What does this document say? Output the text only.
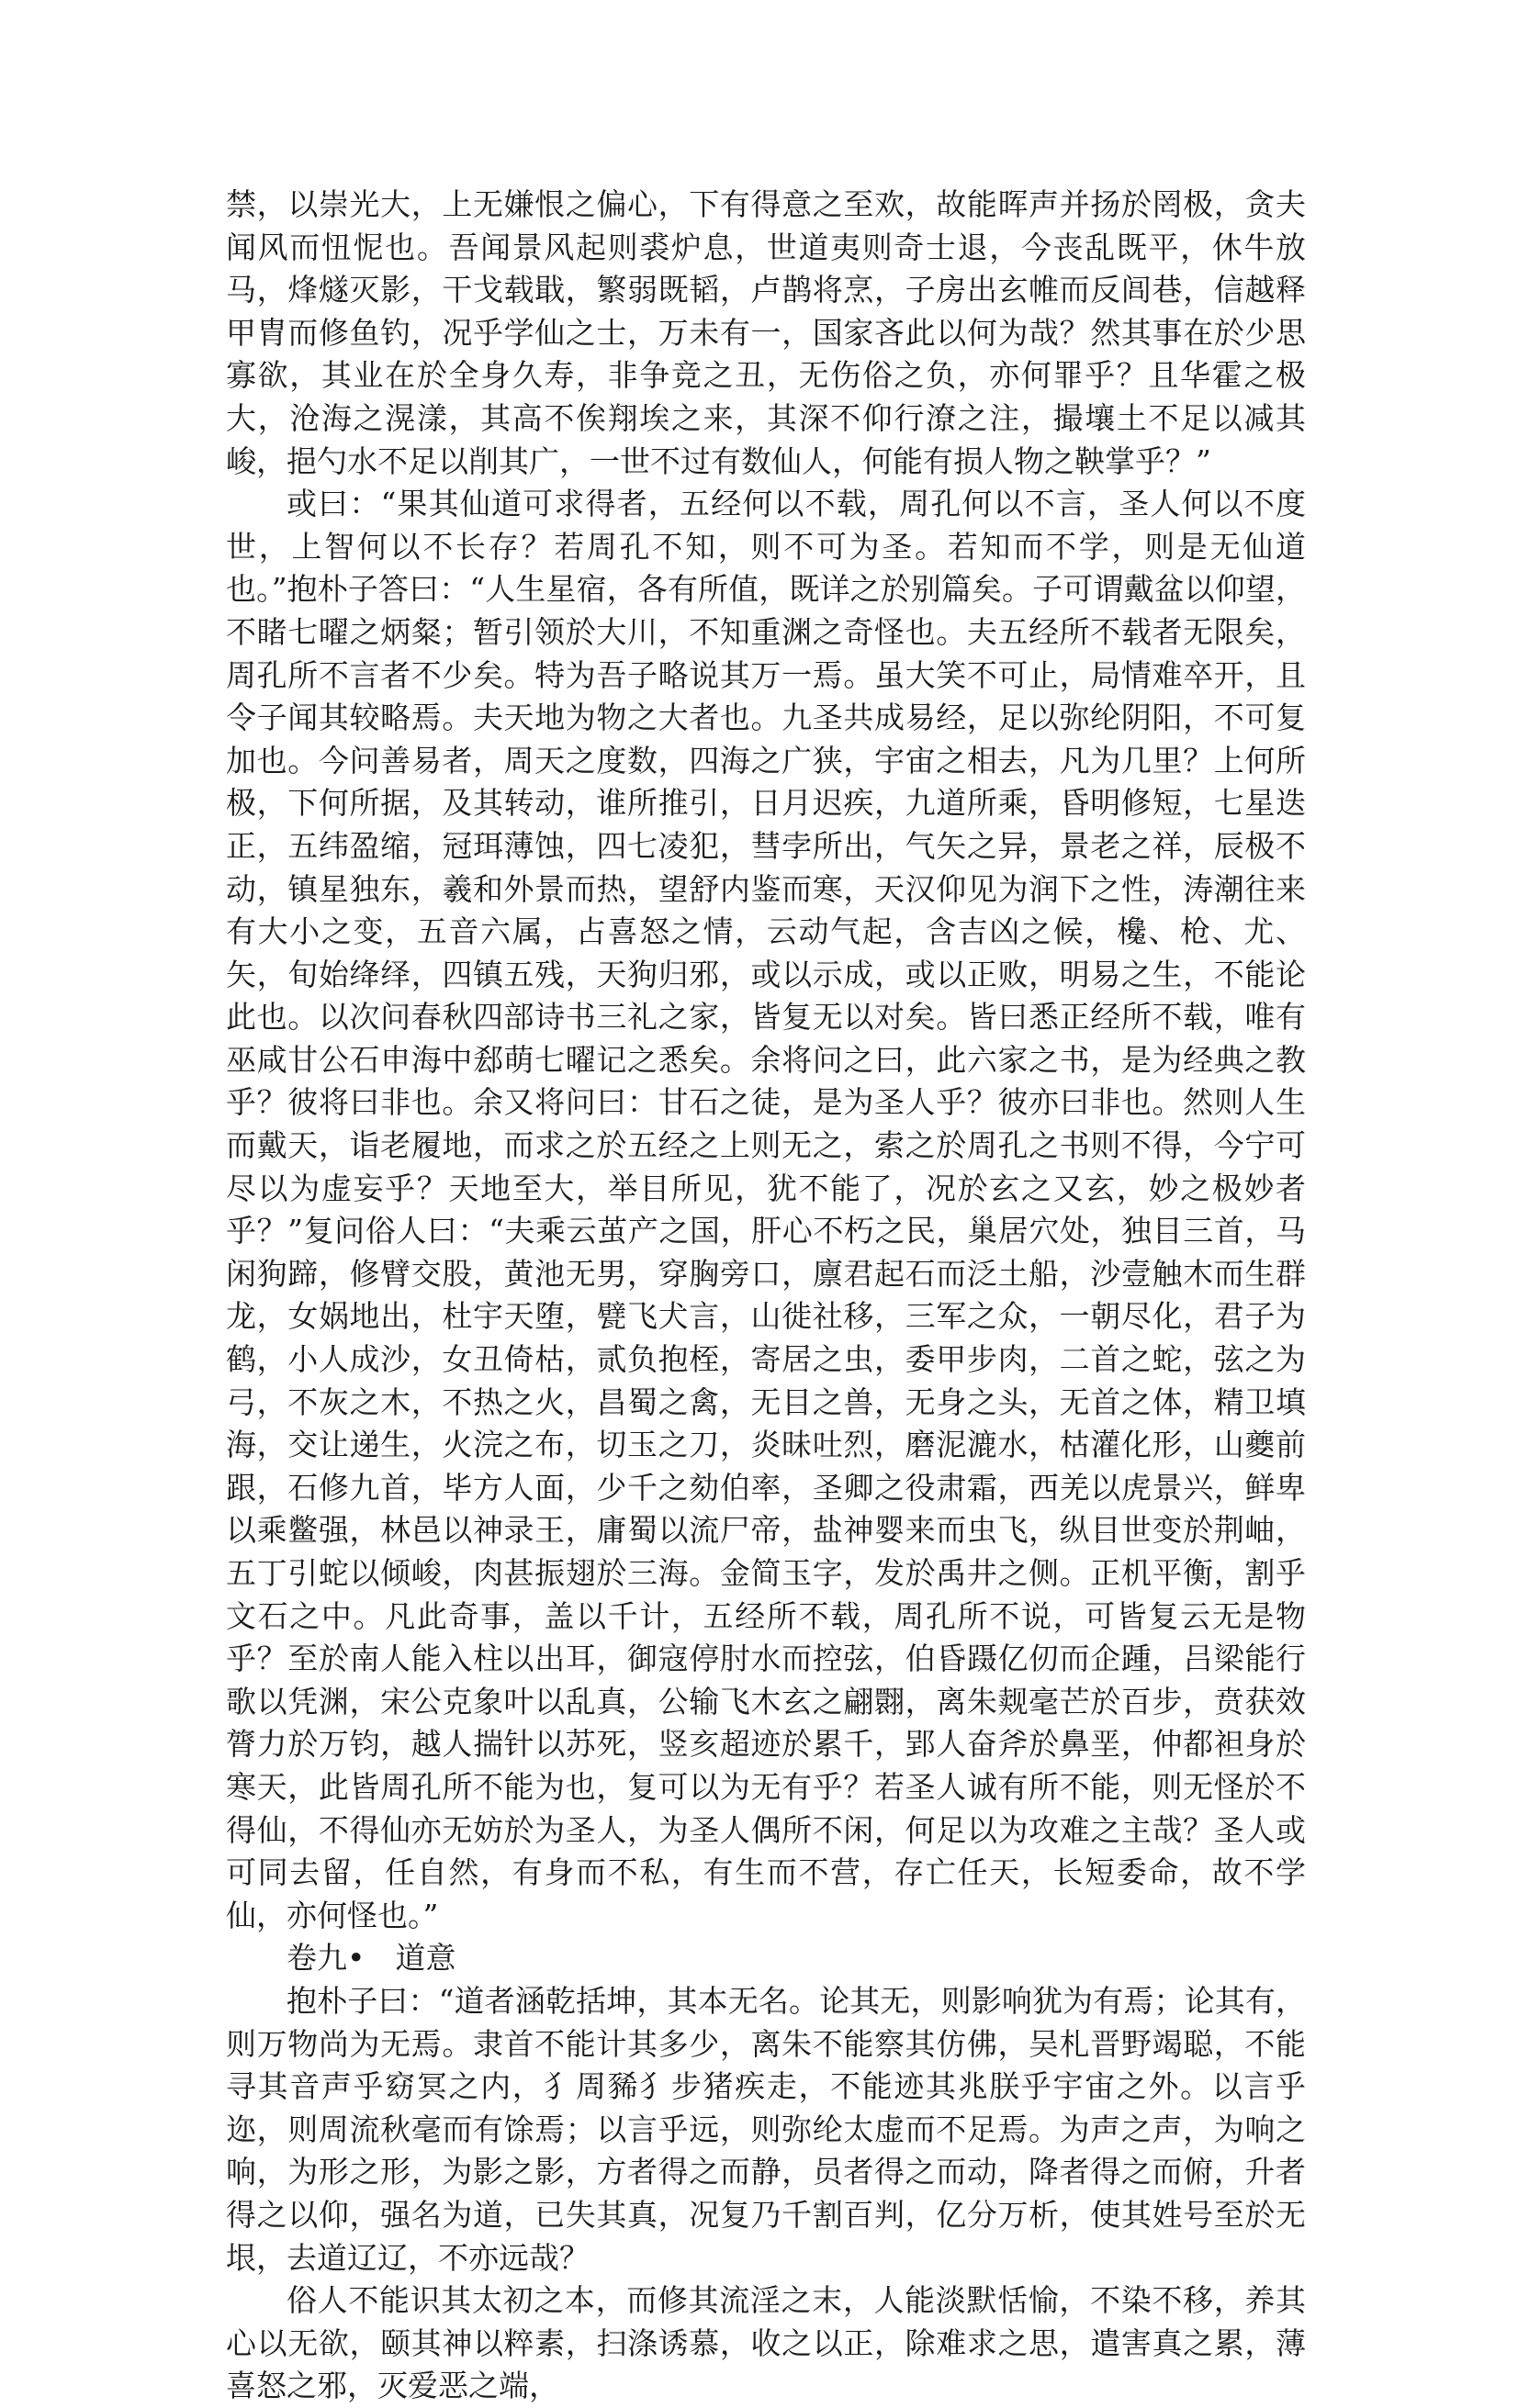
禁，以崇光大，上无嫌恨之偏心，下有得意之至欢，故能晖声并扬於罔极，贪夫闻风而忸怩也。吾闻景风起则裘炉息，世道夷则奇士退，今丧乱既平，休牛放马，烽燧灭影，干戈载戢，繁弱既韬，卢鹊将烹，子房出玄帷而反闾巷，信越释甲胄而修鱼钓，况乎学仙之士，万未有一，国家吝此以何为哉？然其事在於少思寡欲，其业在於全身久寿，非争竞之丑，无伤俗之负，亦何罪乎？且华霍之极大，沧海之滉漾，其高不俟翔埃之来，其深不仰行潦之注，撮壤土不足以减其峻，挹勺水不足以削其广，一世不过有数仙人，何能有损人物之鞅掌乎？”

或曰：“果其仙道可求得者，五经何以不载，周孔何以不言，圣人何以不度世，上智何以不长存？若周孔不知，则不可为圣。若知而不学，则是无仙道也。”抱朴子答曰：“人生星宿，各有所值，既详之於别篇矣。子可谓戴盆以仰望，不睹七曜之炳粲；暂引领於大川，不知重渊之奇怪也。夫五经所不载者无限矣，周孔所不言者不少矣。特为吾子略说其万一焉。虽大笑不可止，局情难卒开，且令子闻其较略焉。夫天地为物之大者也。九圣共成易经，足以弥纶阴阳，不可复加也。今问善易者，周天之度数，四海之广狭，宇宙之相去，凡为几里？上何所极，下何所据，及其转动，谁所推引，日月迟疾，九道所乘，昏明修短，七星迭正，五纬盈缩，冠珥薄蚀，四七凌犯，彗孛所出，气矢之异，景老之祥，辰极不动，镇星独东，羲和外景而热，望舒内鉴而寒，天汉仰见为润下之性，涛潮往来有大小之变，五音六属，占喜怒之情，云动气起，含吉凶之候，欃、枪、尤、矢，旬始绛绎，四镇五残，天狗归邪，或以示成，或以正败，明易之生，不能论此也。以次问春秋四部诗书三礼之家，皆复无以对矣。皆曰悉正经所不载，唯有巫咸甘公石申海中郄萌七曜记之悉矣。余将问之曰，此六家之书，是为经典之教乎？彼将曰非也。余又将问曰：甘石之徒，是为圣人乎？彼亦曰非也。然则人生而戴天，诣老履地，而求之於五经之上则无之，索之於周孔之书则不得，今宁可尽以为虚妄乎？天地至大，举目所见，犹不能了，况於玄之又玄，妙之极妙者乎？”复问俗人曰：“夫乘云茧产之国，肝心不朽之民，巢居穴处，独目三首，马闲狗蹄，修臂交股，黄池无男，穿胸旁口，廪君起石而泛土船，沙壹触木而生群龙，女娲地出，杜宇天堕，甓飞犬言，山徙社移，三军之众，一朝尽化，君子为鹤，小人成沙，女丑倚枯，贰负抱桎，寄居之虫，委甲步肉，二首之蛇，弦之为弓，不灰之木，不热之火，昌蜀之禽，无目之兽，无身之头，无首之体，精卫填海，交让递生，火浣之布，切玉之刀，炎昧吐烈，磨泥漉水，枯灌化形，山夔前跟，石修九首，毕方人面，少千之劾伯率，圣卿之役肃霜，西羌以虎景兴，鲜卑以乘鳖强，林邑以神录王，庸蜀以流尸帝，盐神婴来而虫飞，纵目世变於荆岫，五丁引蛇以倾峻，肉甚振翅於三海。金简玉字，发於禹井之侧。正机平衡，割乎文石之中。凡此奇事，盖以千计，五经所不载，周孔所不说，可皆复云无是物乎？至於南人能入柱以出耳，御寇停肘水而控弦，伯昏蹑亿仞而企踵，吕梁能行歌以凭渊，宋公克象叶以乱真，公输飞木玄之翩翾，离朱觌毫芒於百步，贲获效膂力於万钧，越人揣针以苏死，竖亥超迹於累千，郢人奋斧於鼻垩，仲都袒身於寒天，此皆周孔所不能为也，复可以为无有乎？若圣人诚有所不能，则无怪於不得仙，不得仙亦无妨於为圣人，为圣人偶所不闲，何足以为攻难之主哉？圣人或可同去留，任自然，有身而不私，有生而不营，存亡任天，长短委命，故不学仙，亦何怪也。”

卷九•　道意

抱朴子曰：“道者涵乾括坤，其本无名。论其无，则影响犹为有焉；论其有，则万物尚为无焉。隶首不能计其多少，离朱不能察其仿佛，吴札晋野竭聪，不能寻其音声乎窈冥之内，犭周豨犭步猪疾走，不能迹其兆朕乎宇宙之外。以言乎迩，则周流秋毫而有馀焉；以言乎远，则弥纶太虚而不足焉。为声之声，为响之响，为形之形，为影之影，方者得之而静，员者得之而动，降者得之而俯，升者得之以仰，强名为道，已失其真，况复乃千割百判，亿分万析，使其姓号至於无垠，去道辽辽，不亦远哉？

俗人不能识其太初之本，而修其流淫之末，人能淡默恬愉，不染不移，养其心以无欲，颐其神以粹素，扫涤诱慕，收之以正，除难求之思，遣害真之累，薄喜怒之邪，灭爱恶之端，
